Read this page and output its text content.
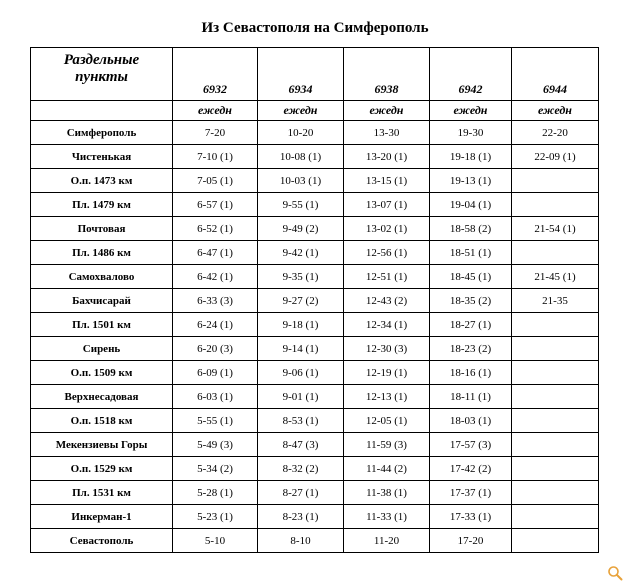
Из Севастополя на Симферополь
Раздельные
пункты	6932	6934	6938	6942	6944
	ежедн	ежедн	ежедн	ежедн	ежедн
Симферополь	7-20	10-20	13-30	19-30	22-20
Чистенькая	7-10 (1)	10-08 (1)	13-20 (1)	19-18 (1)	22-09 (1)
О.п. 1473 км	7-05 (1)	10-03 (1)	13-15 (1)	19-13 (1)	
Пл. 1479 км	6-57 (1)	9-55 (1)	13-07 (1)	19-04 (1)	
Почтовая	6-52 (1)	9-49 (2)	13-02 (1)	18-58 (2)	21-54 (1)
Пл. 1486 км	6-47 (1)	9-42 (1)	12-56 (1)	18-51 (1)	
Самохвалово	6-42 (1)	9-35 (1)	12-51 (1)	18-45 (1)	21-45 (1)
Бахчисарай	6-33 (3)	9-27 (2)	12-43 (2)	18-35 (2)	21-35
Пл. 1501 км	6-24 (1)	9-18 (1)	12-34 (1)	18-27 (1)	
Сирень	6-20 (3)	9-14 (1)	12-30 (3)	18-23 (2)	
О.п. 1509 км	6-09 (1)	9-06 (1)	12-19 (1)	18-16 (1)	
Верхнесадовая	6-03 (1)	9-01 (1)	12-13 (1)	18-11 (1)	
О.п. 1518 км	5-55 (1)	8-53 (1)	12-05 (1)	18-03 (1)	
Мекензиевы Горы	5-49 (3)	8-47 (3)	11-59 (3)	17-57 (3)	
О.п. 1529 км	5-34 (2)	8-32 (2)	11-44 (2)	17-42 (2)	
Пл. 1531 км	5-28 (1)	8-27 (1)	11-38 (1)	17-37 (1)	
Инкерман-1	5-23 (1)	8-23 (1)	11-33 (1)	17-33 (1)	
Севастополь	5-10	8-10	11-20	17-20	
